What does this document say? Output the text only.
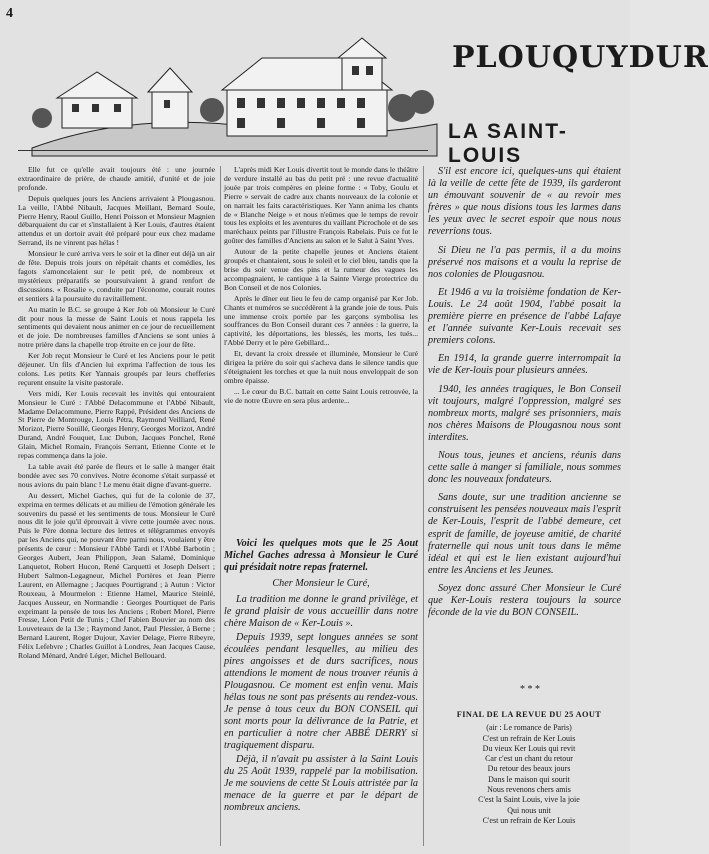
4
PLOUQUYDUR
LA SAINT-LOUIS

Elle fut ce qu'elle avait toujours été : une journée extraordinaire de prière, de chaude amitié, d'unité et de joie profonde.

Depuis quelques jours les Anciens arrivaient à Plougasnou. La veille, l'Abbé Nibault, Jacques Meillant, Bernard Soule, Pierre Henry, Raoul Guillo, Henri Poisson et Monsieur Magnien débarquaient du car et s'installaient à Ker Louis, d'autres étaient attendus et un dortoir avait été préparé pour eux chez madame Serrand, ils ne vinrent pas hélas !

Monsieur le curé arriva vers le soir et la dîner eut déjà un air de fête. Depuis trois jours on répétait chants et comédies, les fagots s'amoncelaient sur le petit pré, de nombreux et mystérieux préparatifs se poursuivaient à grand renfort de discussions. « Rosalie », conduite par l'économe, courait routes et sentiers à la poursuite du ravitaillement.

Au matin le B.C. se groupe à Ker Job où Monsieur le Curé dit pour nous la messe de Saint Louis et nous rappela les sentiments qui devaient nous animer en ce jour de recueillement et de joie. De nombreuses familles d'Anciens se sont unies à notre prière dans la chapelle trop étroite en ce jour de fête.

Ker Job reçut Monsieur le Curé et les Anciens pour le petit déjeuner. Un fils d'Ancien lui exprima l'affection de tous les colons. Les petits Ker Yannais groupés par leurs chefferies reçurent ensuite la visite pastorale.

Vers midi, Ker Louis recevait les invités qui entouraient Monsieur le Curé : l'Abbé Delacommune et l'Abbé Nibault, Madame Delacommune, Pierre Rappé, Président des Anciens de St Pierre de Montrouge, Louis Pétra, Raymond Veilliard, René Morizot, Pierre Souillé, Georges Henry, Georges Morizot, André Durand, André Fouquet, Luc Dubon, Jacques Ponchel, René Glain, Michel Romain, François Serrant, Etienne Conte et le repas commença dans la joie.

La table avait été parée de fleurs et le salle à manger était bondée avec ses 70 convives. Notre économe s'était surpassé et nous avions du pain blanc ! Le menu était digne d'avant-guerre.

Au dessert, Michel Gaches, qui fut de la colonie de 37, exprima en termes délicats et au milieu de l'émotion générale les souvenirs du passé et les sentiments de tous. Monsieur le Curé nous dit le joie qu'il éprouvait à vivre cette journée avec nous. Puis le Père donna lecture des lettres et télégrammes envoyés par les Anciens qui, ne pouvant être parmi nous, voulaient y être présents de cœur : Monsieur l'Abbé Tardi et l'Abbé Barbotin ; Georges Aubert, Jean Philippon, Jean Salamé, Dominique Lanquetot, Robert Hucon, René Carquetti et Joseph Delsert ; Hubert Salmon-Legagneur, Michel Portères et Jean Pierre Laurent, en Allemagne ; Jacques Pourtigrand ; à Autun : Victor Rouxeau, à Mourmelon : Etienne Hamel, Maurice Steinlé, Jacques Ausseur, en Normandie : Georges Pourtiquet de Paris exprimant la pensée de tous les Anciens ; Robert Morel, Pierre Fresse, Léon Petit de Tunis ; Chef Fabien Bouvier au nom des Louveteaux de la 13e ; Raymond Janot, Paul Plessier, à Berne ; Bernard Laurent, Roger Dujour, Xavier Delage, Pierre Ribeyre, Félix Lefebvre ; Charles Guillot à Londres, Jean Jacques Cause, Roland Ménard, André Léger, Michel Bellouard.

L'après midi Ker Louis divertit tout le monde dans le théâtre de verdure installé au bas du petit pré : une revue d'actualité jouée par trois compères en pleine forme : « Toby, Goulu et Pierre » servait de cadre aux chants nouveaux de la colonie et on narrait les faits caractéristiques. Ker Yann anima les chants de « Blanche Neige » et nous n'eûmes que le temps de revoir tous les exploits et les aventures du vaillant Picrochole et de ses maréchaux peints par l'illustre François Rabelais. Puis ce fut le goûter des familles d'Anciens au salon et le Salut à Saint Yves.

Autour de la petite chapelle jeunes et Anciens étaient groupés et chantaient, sous le soleil et le ciel bleu, tandis que la brise du soir venue des pins et la rumeur des vagues les accompagnaient, le cantique à la Sainte Vierge protectrice du Bon Conseil et de nos Colonies.

Après le dîner eut lieu le feu de camp organisé par Ker Job. Chants et numéros se succédèrent à la grande joie de tous. Puis une immense croix portée par les garçons symbolisa les souffrances du Bon Conseil durant ces 7 années : la guerre, la captivité, les déportations, les blessés, les morts, les tués... l'Abbé Derry et le père Gebillard...

Et, devant la croix dressée et illuminée, Monsieur le Curé dirigea la prière du soir qui s'acheva dans le silence tandis que s'éteignaient les torches et que la nuit nous enveloppait de son ombre épaisse.

... Le cœur du B.C. battait en cette Saint Louis retrouvée, la vie de notre Œuvre en sera plus ardente...

Voici les quelques mots que le 25 Aout Michel Gaches adressa à Monsieur le Curé qui présidait notre repas fraternel.

Cher Monsieur le Curé,

La tradition me donne le grand privilège, et le grand plaisir de vous accueillir dans notre chère Maison de « Ker-Louis ».

Depuis 1939, sept longues années se sont écoulées pendant lesquelles, au milieu des pires angoisses et de durs sacrifices, nous attendions le moment de nous trouver réunis à Plougasnou. Ce moment est enfin venu. Mais hélas tous ne sont pas présents au rendez-vous. Je pense à tous ceux du BON CONSEIL qui sont morts pour la délivrance de la Patrie, et en particulier à notre cher ABBÉ DERRY si tragiquement disparu.

Déjà, il n'avait pu assister à la Saint Louis du 25 Août 1939, rappelé par la mobilisation. Je me souviens de cette St Louis attristée par la menace de la guerre et par le départ de nombreux anciens.

S'il est encore ici, quelques-uns qui étaient là la veille de cette fête de 1939, ils garderont un émouvant souvenir de « au revoir mes frères » que nous disions tous les larmes dans les yeux avec le secret espoir que nous nous reverrions tous.

Si Dieu ne l'a pas permis, il a du moins préservé nos maisons et a voulu la reprise de nos colonies de Plougasnou.

Et 1946 a vu la troisième fondation de Ker-Louis. Le 24 août 1904, l'abbé posait la première pierre en présence de l'abbé Lafaye et l'année suivante Ker-Louis recevait ses premiers colons.

En 1914, la grande guerre interrompait la vie de Ker-louis pour plusieurs années.

1940, les années tragiques, le Bon Conseil vit toujours, malgré l'oppression, malgré ses nombreux morts, malgré ses prisonniers, mais nos chères Maisons de Plougasnou nous sont interdites.

Nous tous, jeunes et anciens, réunis dans cette salle à manger si familiale, nous sommes donc les nouveaux fondateurs.

Sans doute, sur une tradition ancienne se construisent les pensées nouveaux mais l'esprit de Ker-Louis, l'esprit de l'abbé demeure, cet esprit de famille, de joyeuse amitié, de charité fraternelle qui nous unit tous dans le même idéal et qui est le lien existant aujourd'hui entre les Anciens et les Jeunes.

Soyez donc assuré Cher Monsieur le Curé que Ker-Louis restera toujours la source féconde de la vie du BON CONSEIL.

* * *
FINAL DE LA REVUE DU 25 AOUT
(air : Le romance de Paris)
C'est un refrain de Ker Louis
Du vieux Ker Louis qui revit
Car c'est un chant du retour
Du retour des beaux jours
Dans le maison qui sourit
Nous revenons chers amis
C'est la Saint Louis, vive la joie
Qui nous unit
C'est un refrain de Ker Louis
